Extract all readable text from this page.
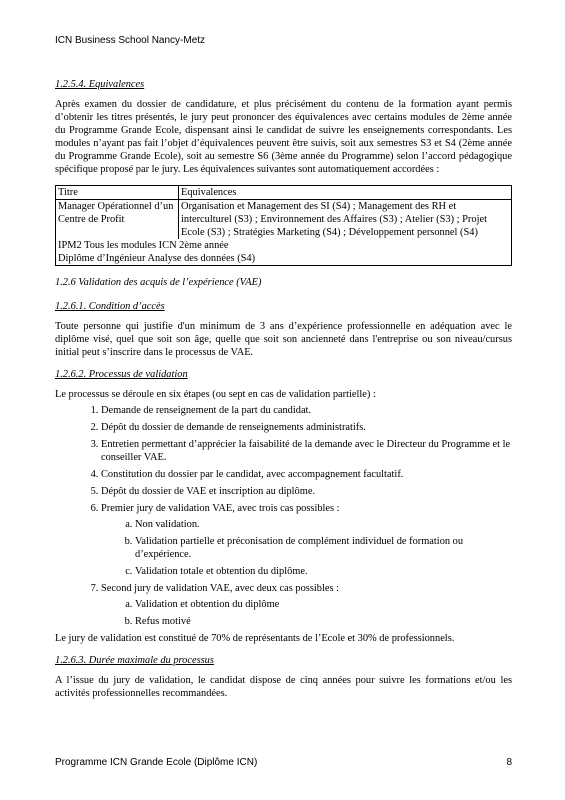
ICN Business School Nancy-Metz
1.2.5.4. Equivalences

Après examen du dossier de candidature, et plus précisément du contenu de la formation ayant permis d’obtenir les titres présentés, le jury peut prononcer des équivalences avec certains modules de 2ème année du Programme Grande Ecole, dispensant ainsi le candidat de suivre les enseignements correspondants. Les modules n’ayant pas fait l’objet d’équivalences peuvent être suivis, soit aux semestres S3 et S4 (2ème année du Programme Grande Ecole), soit au semestre S6 (3ème année du Programme) selon l’accord pédagogique spécifique proposé par le jury. Les équivalences suivantes sont automatiquement accordées :

Titre	Equivalences
Manager Opérationnel d’un Centre de Profit	Organisation et Management des SI (S4) ; Management des RH et interculturel (S3) ; Environnement des Affaires (S3) ; Atelier (S3) ; Projet Ecole (S3) ; Stratégies Marketing (S4) ; Développement personnel (S4)

IPM2 Tous les modules ICN 2ème année
Diplôme d’Ingénieur Analyse des données (S4)	
1.2.6 Validation des acquis de l’expérience (VAE)
1.2.6.1. Condition d’accès

Toute personne qui justifie d'un minimum de 3 ans d’expérience professionnelle en adéquation avec le diplôme visé, quel que soit son âge, quelle que soit son ancienneté dans l'entreprise ou son niveau/cursus initial peut s’inscrire dans le processus de VAE.

1.2.6.2. Processus de validation

Le processus se déroule en six étapes (ou sept en cas de validation partielle) :

1. Demande de renseignement de la part du candidat.
2. Dépôt du dossier de demande de renseignements administratifs.
3. Entretien permettant d’apprécier la faisabilité de la demande avec le Directeur du Programme et le conseiller VAE.
4. Constitution du dossier par le candidat, avec accompagnement facultatif.
5. Dépôt du dossier de VAE et inscription au diplôme.
6. Premier jury de validation VAE, avec trois cas possibles :
a. Non validation.
b. Validation partielle et préconisation de complément individuel de formation ou d’expérience.
c. Validation totale et obtention du diplôme.
7. Second jury de validation VAE, avec deux cas possibles :
a. Validation et obtention du diplôme
b. Refus motivé

Le jury de validation est constitué de 70% de représentants de l’Ecole et 30% de professionnels.

1.2.6.3. Durée maximale du processus

A l’issue du jury de validation, le candidat dispose de cinq années pour suivre les formations et/ou les activités professionnelles recommandées.

Programme ICN Grande Ecole (Diplôme ICN)	8
